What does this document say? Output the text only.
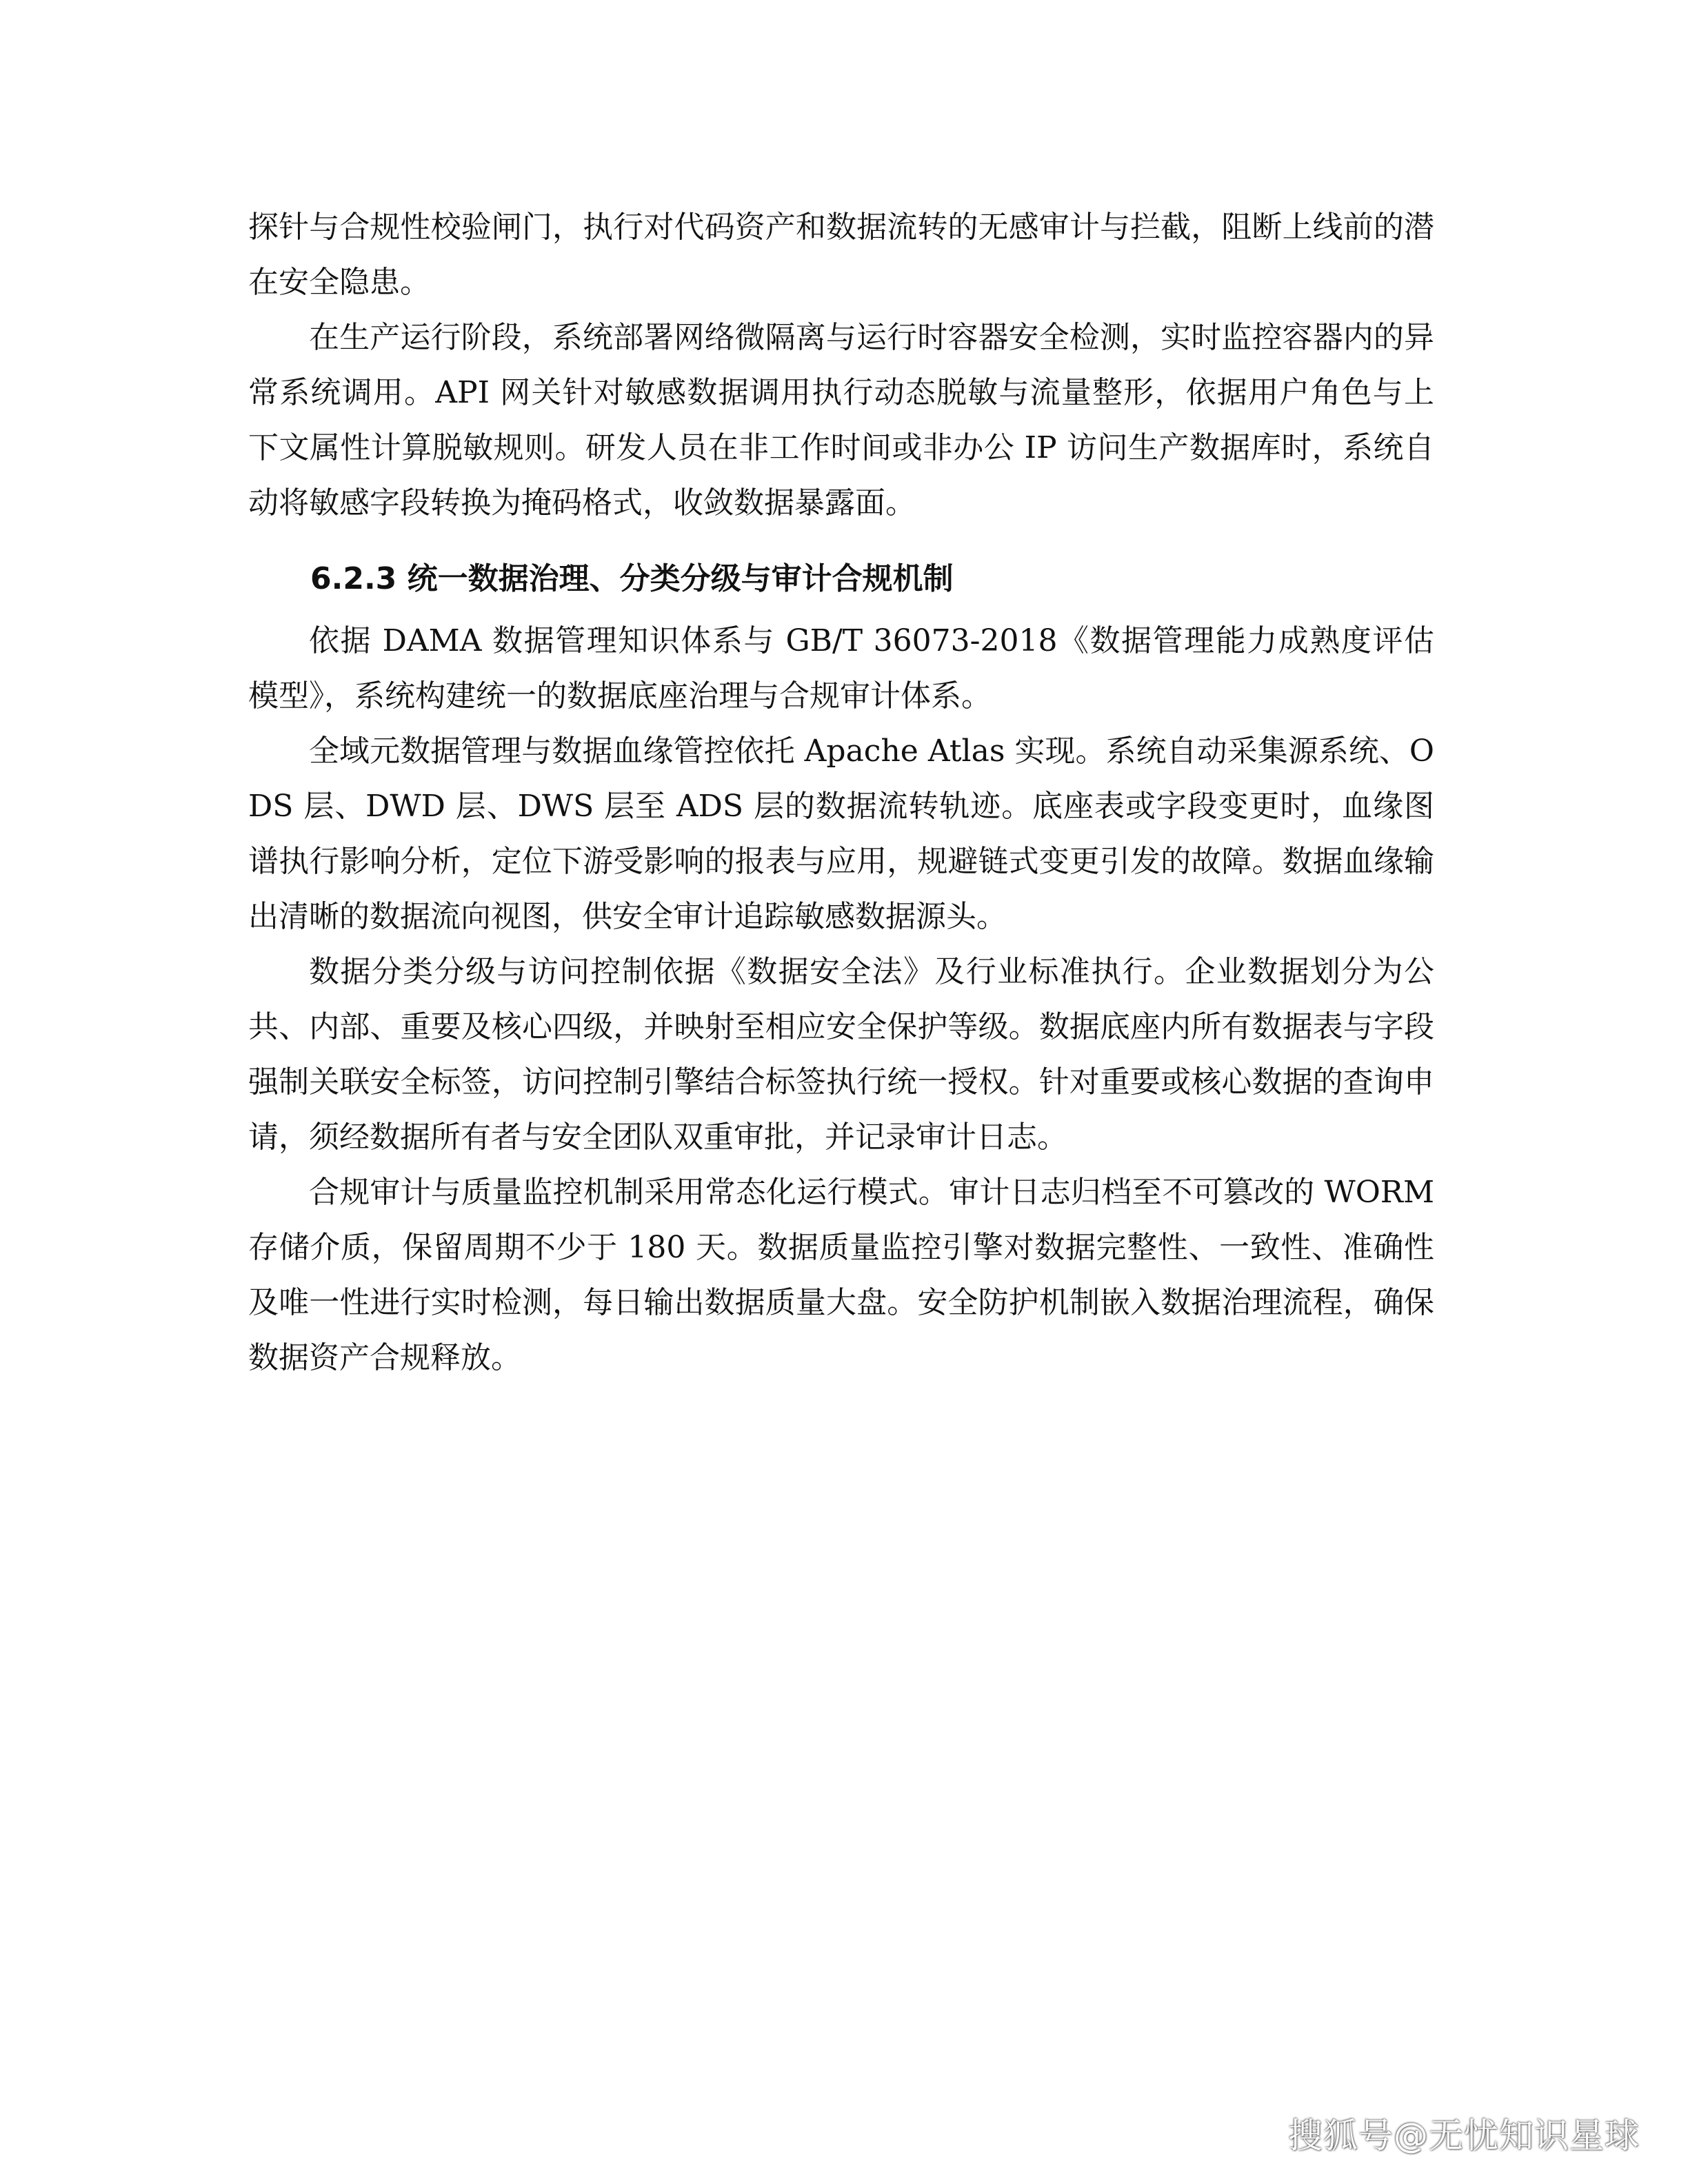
探针与合规性校验闸门，执行对代码资产和数据流转的无感审计与拦截，阻断上线前的潜在安全隐患。

在生产运行阶段，系统部署网络微隔离与运行时容器安全检测，实时监控容器内的异常系统调用。API 网关针对敏感数据调用执行动态脱敏与流量整形，依据用户角色与上下文属性计算脱敏规则。研发人员在非工作时间或非办公 IP 访问生产数据库时，系统自动将敏感字段转换为掩码格式，收敛数据暴露面。

6.2.3 统一数据治理、分类分级与审计合规机制

依据 DAMA 数据管理知识体系与 GB/T 36073-2018《数据管理能力成熟度评估模型》，系统构建统一的数据底座治理与合规审计体系。

全域元数据管理与数据血缘管控依托 Apache Atlas 实现。系统自动采集源系统、ODS 层、DWD 层、DWS 层至 ADS 层的数据流转轨迹。底座表或字段变更时，血缘图谱执行影响分析，定位下游受影响的报表与应用，规避链式变更引发的故障。数据血缘输出清晰的数据流向视图，供安全审计追踪敏感数据源头。

数据分类分级与访问控制依据《数据安全法》及行业标准执行。企业数据划分为公共、内部、重要及核心四级，并映射至相应安全保护等级。数据底座内所有数据表与字段强制关联安全标签，访问控制引擎结合标签执行统一授权。针对重要或核心数据的查询申请，须经数据所有者与安全团队双重审批，并记录审计日志。

合规审计与质量监控机制采用常态化运行模式。审计日志归档至不可篡改的 WORM 存储介质，保留周期不少于 180 天。数据质量监控引擎对数据完整性、一致性、准确性及唯一性进行实时检测，每日输出数据质量大盘。安全防护机制嵌入数据治理流程，确保数据资产合规释放。

搜狐号@无忧知识星球
